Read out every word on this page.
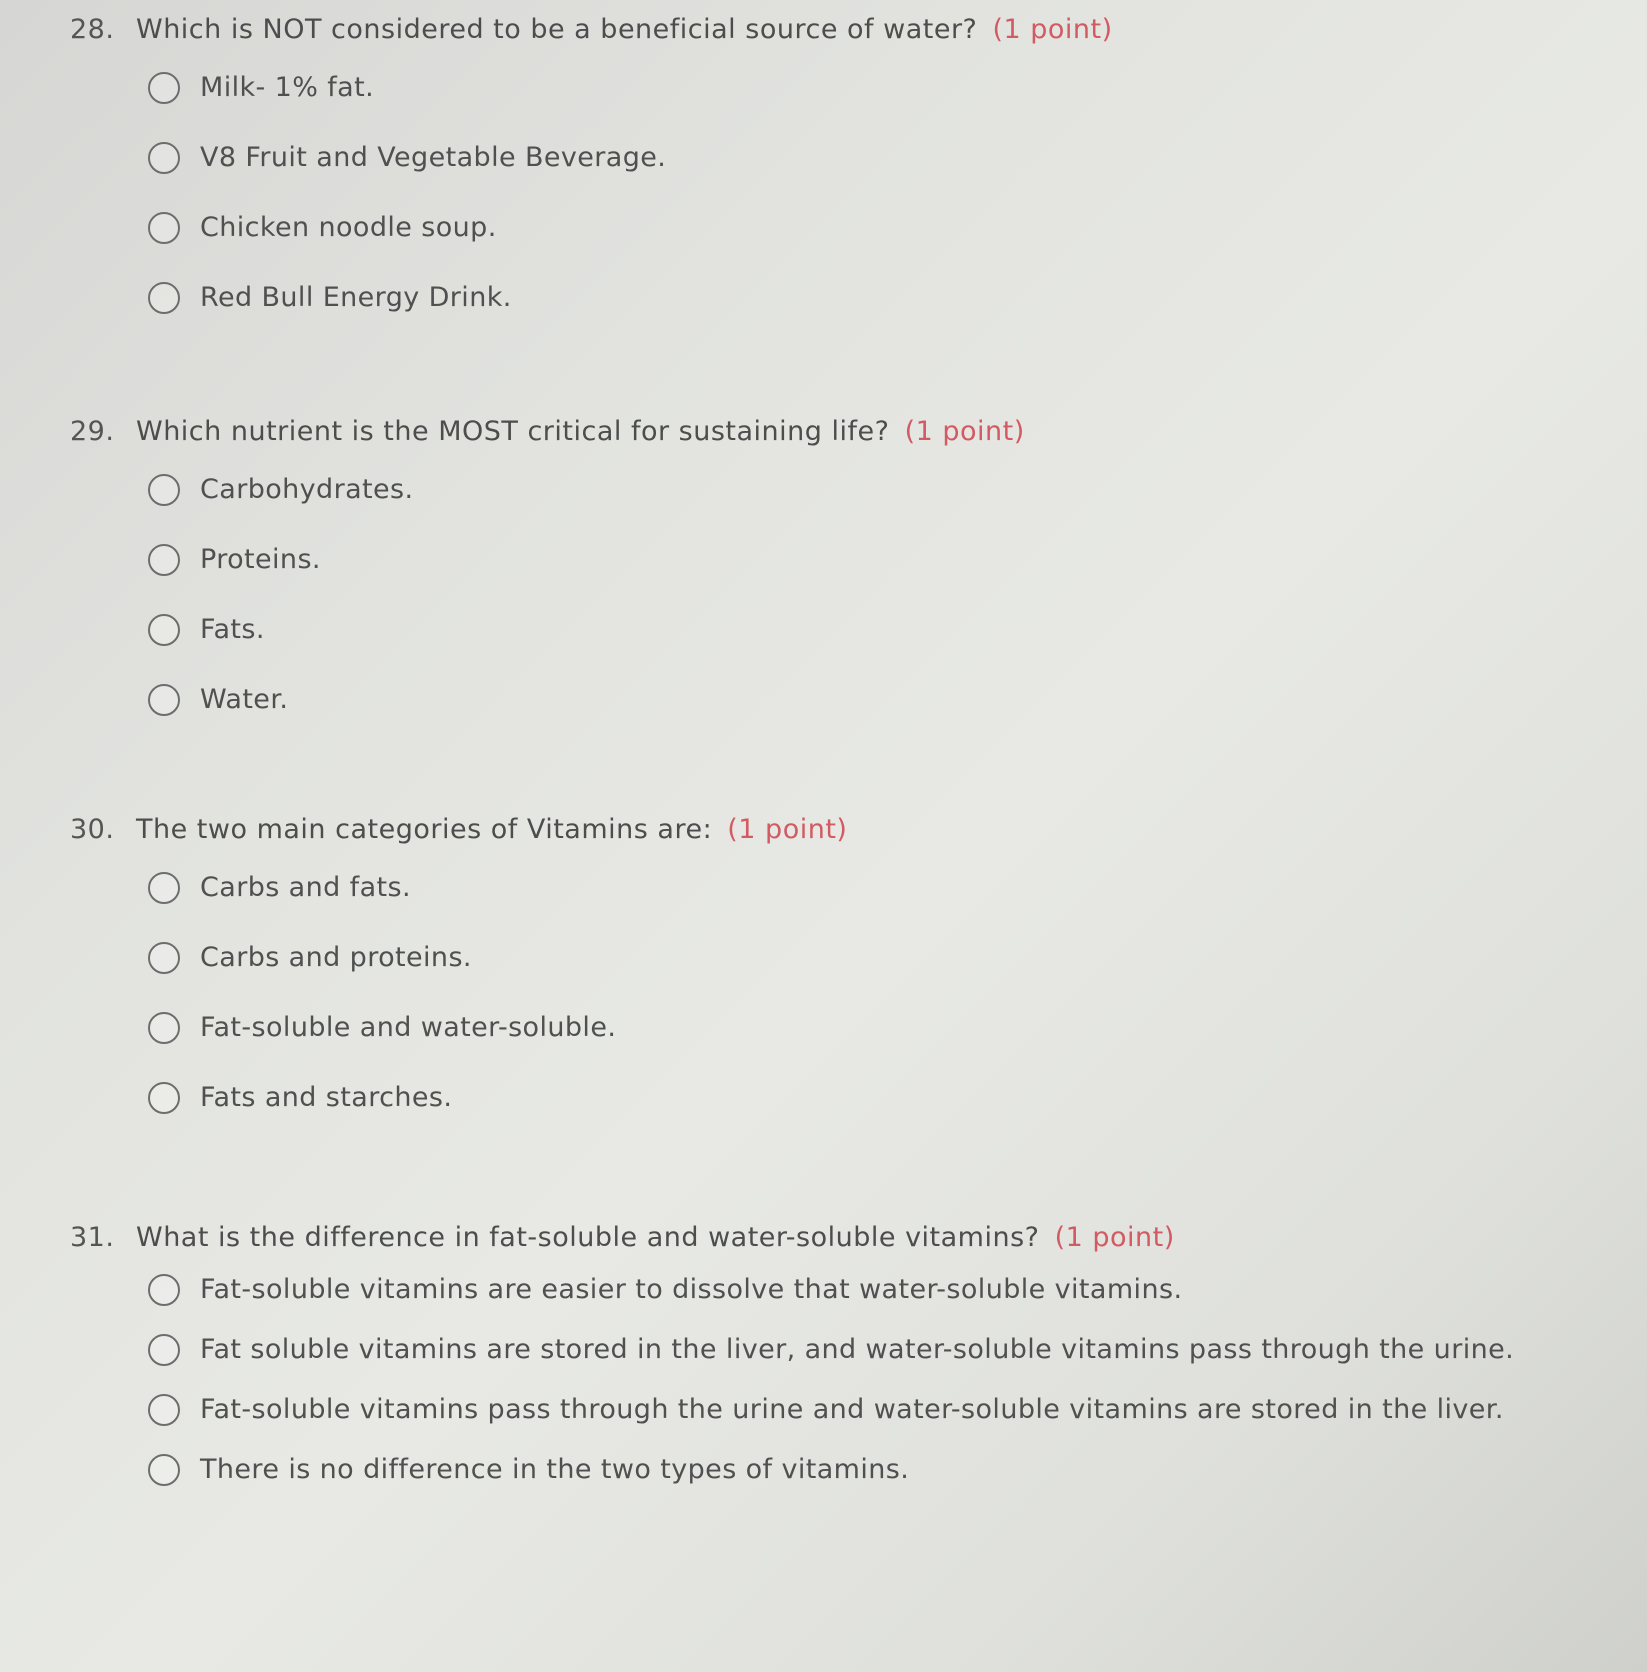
28. Which is NOT considered to be a beneficial source of water? (1 point)
Milk- 1% fat.
V8 Fruit and Vegetable Beverage.
Chicken noodle soup.
Red Bull Energy Drink.
29. Which nutrient is the MOST critical for sustaining life? (1 point)
Carbohydrates.
Proteins.
Fats.
Water.
30. The two main categories of Vitamins are: (1 point)
Carbs and fats.
Carbs and proteins.
Fat-soluble and water-soluble.
Fats and starches.
31. What is the difference in fat-soluble and water-soluble vitamins? (1 point)
Fat-soluble vitamins are easier to dissolve that water-soluble vitamins.
Fat soluble vitamins are stored in the liver, and water-soluble vitamins pass through the urine.
Fat-soluble vitamins pass through the urine and water-soluble vitamins are stored in the liver.
There is no difference in the two types of vitamins.
